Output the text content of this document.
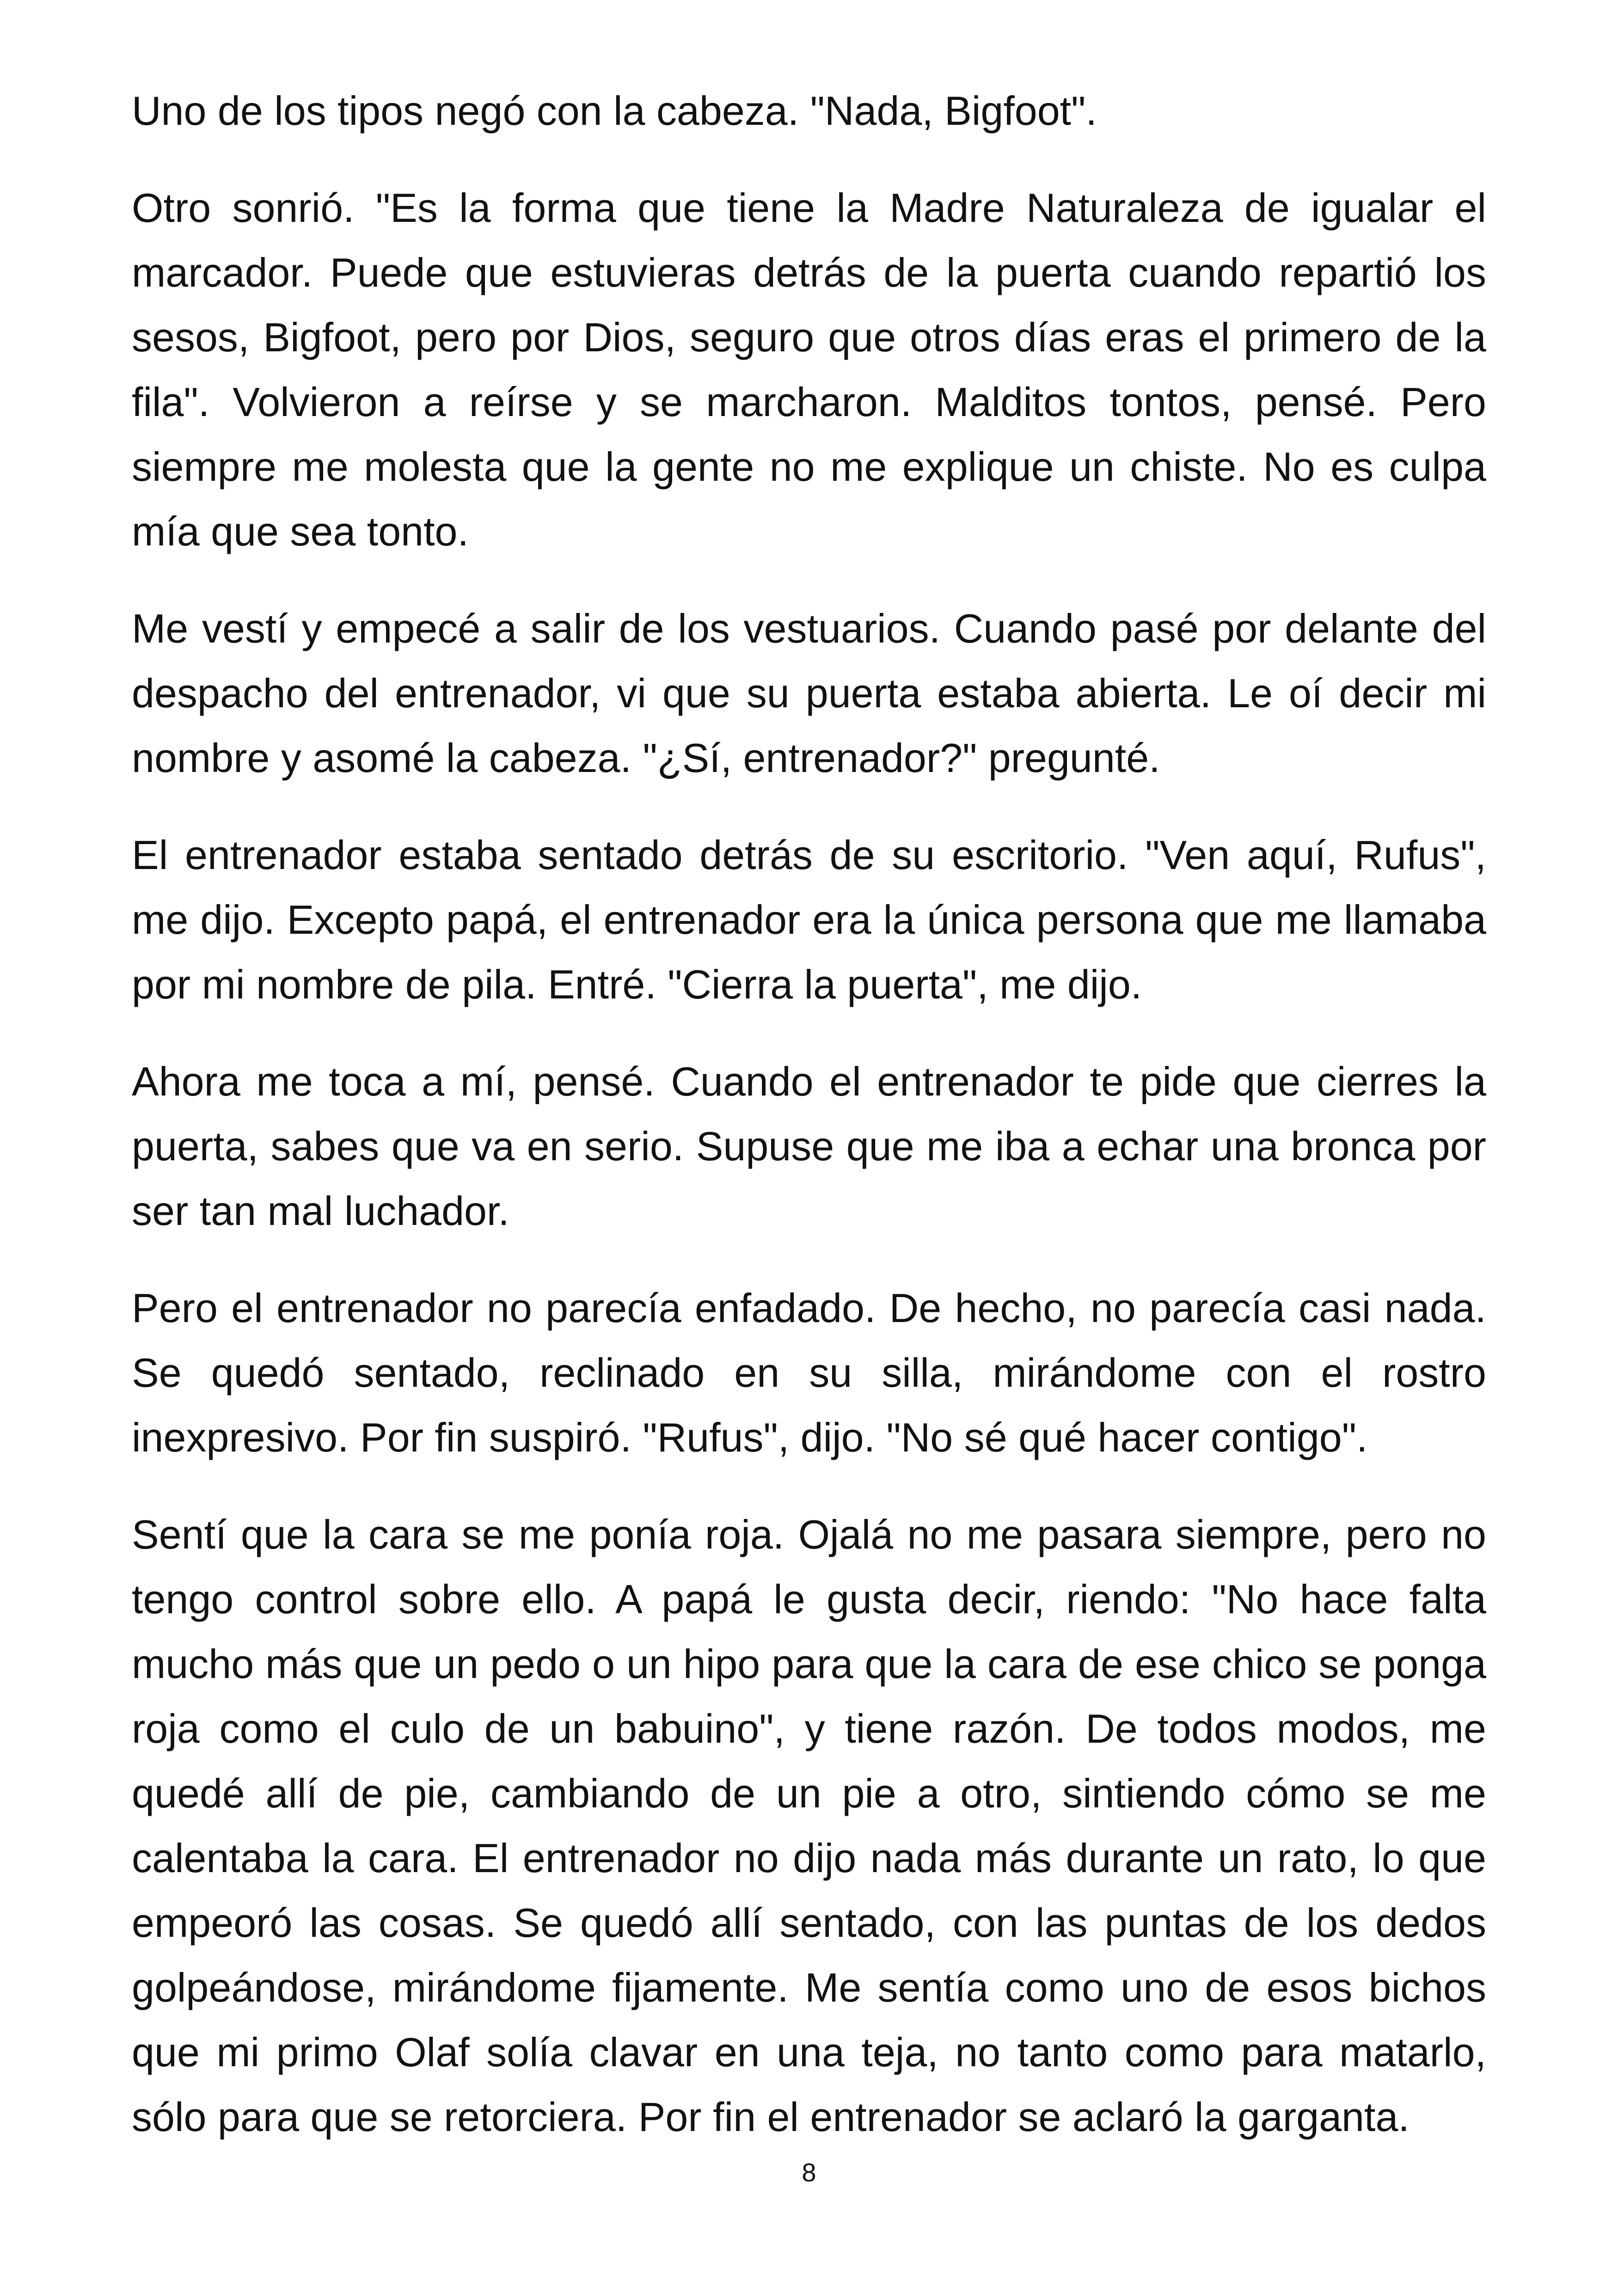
Uno de los tipos negó con la cabeza. "Nada, Bigfoot".

Otro sonrió. "Es la forma que tiene la Madre Naturaleza de igualar el marcador. Puede que estuvieras detrás de la puerta cuando repartió los sesos, Bigfoot, pero por Dios, seguro que otros días eras el primero de la fila". Volvieron a reírse y se marcharon. Malditos tontos, pensé. Pero siempre me molesta que la gente no me explique un chiste. No es culpa mía que sea tonto.

Me vestí y empecé a salir de los vestuarios. Cuando pasé por delante del despacho del entrenador, vi que su puerta estaba abierta. Le oí decir mi nombre y asomé la cabeza. "¿Sí, entrenador?" pregunté.

El entrenador estaba sentado detrás de su escritorio. "Ven aquí, Rufus", me dijo. Excepto papá, el entrenador era la única persona que me llamaba por mi nombre de pila. Entré. "Cierra la puerta", me dijo.

Ahora me toca a mí, pensé. Cuando el entrenador te pide que cierres la puerta, sabes que va en serio. Supuse que me iba a echar una bronca por ser tan mal luchador.

Pero el entrenador no parecía enfadado. De hecho, no parecía casi nada. Se quedó sentado, reclinado en su silla, mirándome con el rostro inexpresivo. Por fin suspiró. "Rufus", dijo. "No sé qué hacer contigo".

Sentí que la cara se me ponía roja. Ojalá no me pasara siempre, pero no tengo control sobre ello. A papá le gusta decir, riendo: "No hace falta mucho más que un pedo o un hipo para que la cara de ese chico se ponga roja como el culo de un babuino", y tiene razón. De todos modos, me quedé allí de pie, cambiando de un pie a otro, sintiendo cómo se me calentaba la cara. El entrenador no dijo nada más durante un rato, lo que empeoró las cosas. Se quedó allí sentado, con las puntas de los dedos golpeándose, mirándome fijamente. Me sentía como uno de esos bichos que mi primo Olaf solía clavar en una teja, no tanto como para matarlo, sólo para que se retorciera. Por fin el entrenador se aclaró la garganta.

8
